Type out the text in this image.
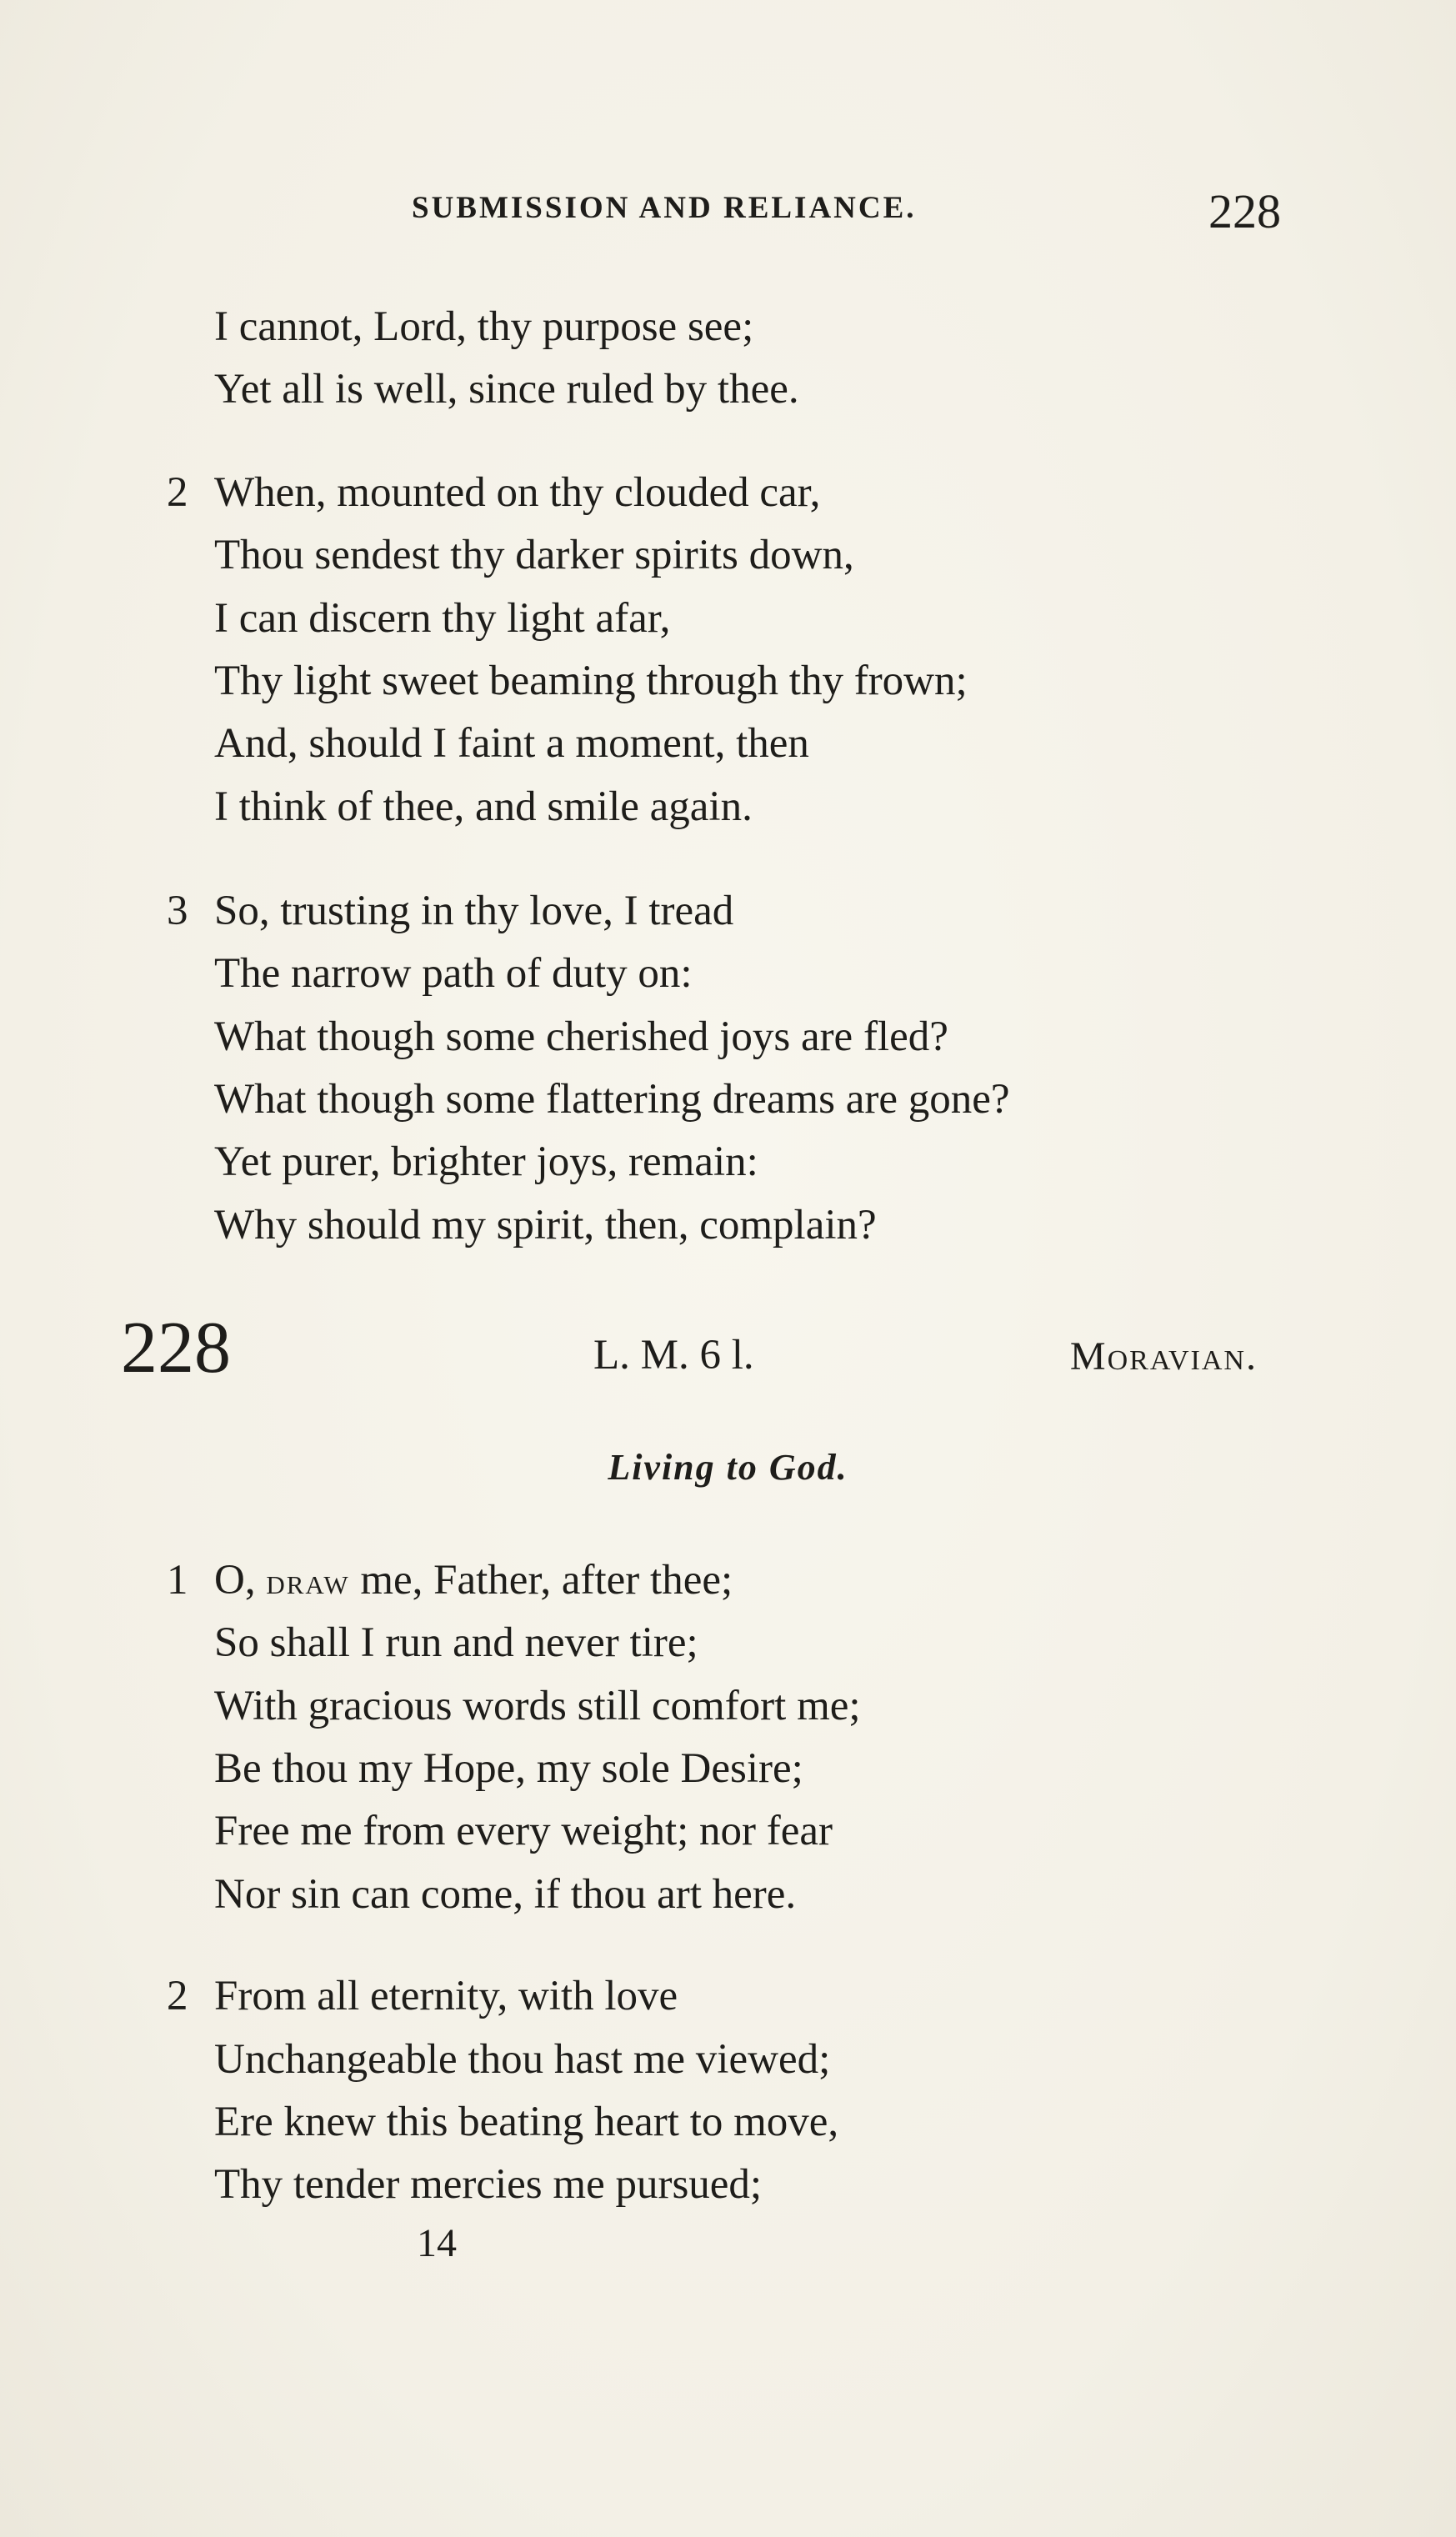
SUBMISSION AND RELIANCE.	228
I cannot, Lord, thy purpose see;
Yet all is well, since ruled by thee.
2 When, mounted on thy clouded car,
Thou sendest thy darker spirits down,
I can discern thy light afar,
Thy light sweet beaming through thy frown;
And, should I faint a moment, then
I think of thee, and smile again.
3 So, trusting in thy love, I tread
The narrow path of duty on:
What though some cherished joys are fled?
What though some flattering dreams are gone?
Yet purer, brighter joys, remain:
Why should my spirit, then, complain?
228	L. M. 6 l.	Moravian.
Living to God.
1 O, draw me, Father, after thee;
So shall I run and never tire;
With gracious words still comfort me;
Be thou my Hope, my sole Desire;
Free me from every weight; nor fear
Nor sin can come, if thou art here.
2 From all eternity, with love
Unchangeable thou hast me viewed;
Ere knew this beating heart to move,
Thy tender mercies me pursued;
14
